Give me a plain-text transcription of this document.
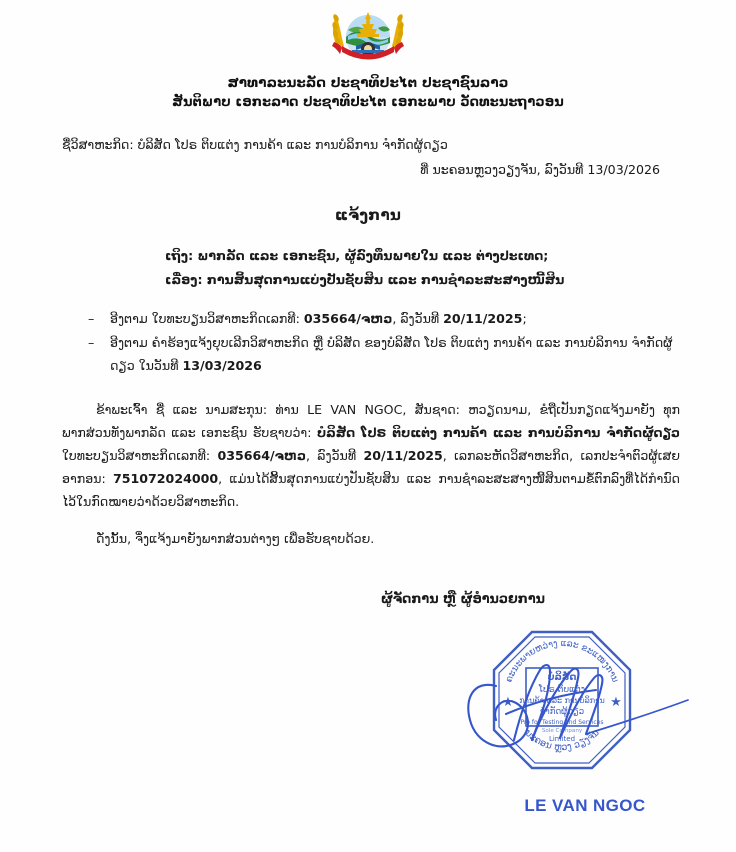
ສາທາລະນະລັດ ປະຊາທິປະໄຕ ປະຊາຊົນລາວ
ສັນຕິພາບ ເອກະລາດ ປະຊາທິປະໄຕ ເອກະພາບ ວັດທະນະຖາວອນ
ຊື່ວິສາຫະກິດ: ບໍລິສັດ ໂປຣ ຕິບແຕ່ງ ການຄ້າ ແລະ ການບໍລິການ ຈໍາກັດຜູ້ດຽວ
ທີ່ ນະຄອນຫຼວງວຽງຈັນ, ລົງວັນທີ 13/03/2026
ແຈ້ງການ
ເຖິງ: ພາກລັດ ແລະ ເອກະຊົນ, ຜູ້ລົງທຶນພາຍໃນ ແລະ ຕ່າງປະເທດ;
ເລື່ອງ: ການສິ້ນສຸດການແບ່ງປັນຊັບສິນ ແລະ ການຊໍາລະສະສາງໜີ້ສິນ
– ອີງຕາມ ໃບທະບຽນວິສາຫະກິດເລກທີ: 035664/ຈຫວ, ລົງວັນທີ 20/11/2025;
– ອີງຕາມ ຄໍາຮ້ອງແຈ້ງຍຸບເລີກວິສາຫະກິດ ຫຼື ບໍລິສັດ ຂອງບໍລິສັດ ໂປຣ ຕິບແຕ່ງ ການຄ້າ ແລະ ການບໍລິການ ຈໍາກັດຜູ້ດຽວ ໃນວັນທີ 13/03/2026

ຂ້າພະເຈົ້າ ຊື່ ແລະ ນາມສະກຸນ: ທ່ານ LE VAN NGOC, ສັນຊາດ: ຫວຽດນາມ, ຂໍຖືເປັນກຽດແຈ້ງມາຍັງ ທຸກພາກສ່ວນທັງພາກລັດ ແລະ ເອກະຊົນ ຮັບຊາບວ່າ: ບໍລິສັດ ໂປຣ ຕິບແຕ່ງ ການຄ້າ ແລະ ການບໍລິການ ຈໍາກັດຜູ້ດຽວ ໃບທະບຽນວິສາຫະກິດເລກທີ: 035664/ຈຫວ, ລົງວັນທີ 20/11/2025, ເລກລະຫັດວິສາຫະກິດ, ເລກປະຈໍາຕົວຜູ້ເສຍອາກອນ: 751072024000, ແມ່ນໄດ້ສິ້ນສຸດການແບ່ງປັນຊັບສິນ ແລະ ການຊໍາລະສະສາງໜີ້ສິນຕາມຂໍ້ຕົກລົງທີ່ໄດ້ກໍານົດໄວ້ໃນກົດໝາຍວ່າດ້ວຍວິສາຫະກິດ.

ດັ່ງນັ້ນ, ຈຶ່ງແຈ້ງມາຍັງພາກສ່ວນຕ່າງໆ ເພື່ອຮັບຊາບດ້ວຍ.

ຜູ້ຈັດການ ຫຼື ຜູ້ອໍານວຍການ
ຄະນະພາຍຫວ່າງ ແລະ ຂະແໜງການ
ນະຄອນ ຫຼວງ ວຽງຈັນ
ບໍລິສັດ
ໂປຣ ຕິບແຕ່ງ
ການຄ້າ ແລະ ການບໍລິການ
ຈໍາກັດຜູ້ດຽວ
Pro for Testing and Services
Sole Company
Limited
★	★
LE VAN NGOC
